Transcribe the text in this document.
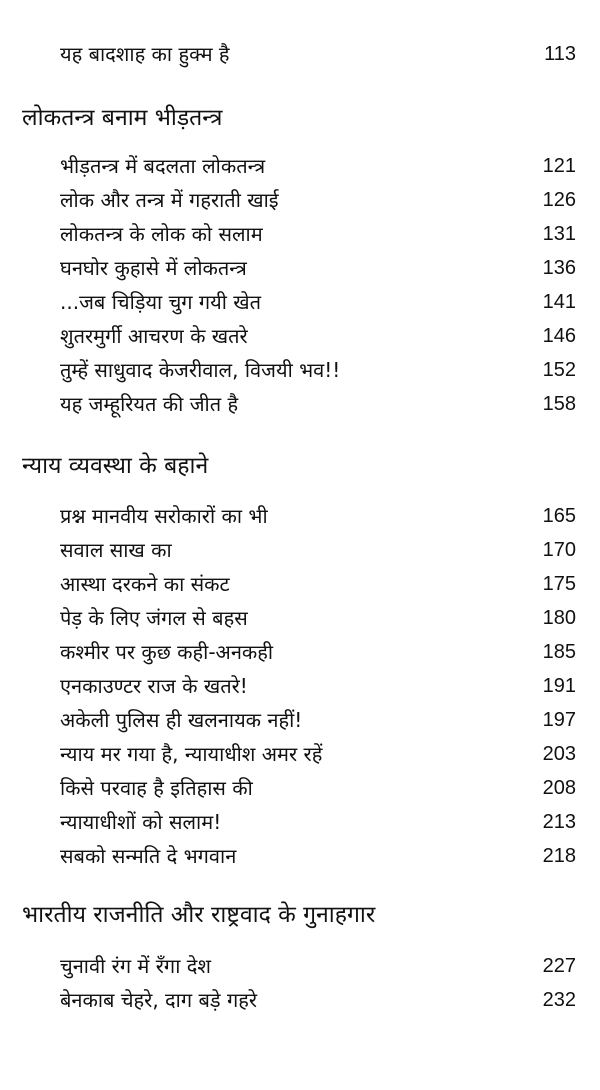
यह बादशाह का हुक्म है	113
लोकतन्त्र बनाम भीड़तन्त्र
भीड़तन्त्र में बदलता लोकतन्त्र	121
लोक और तन्त्र में गहराती खाई	126
लोकतन्त्र के लोक को सलाम	131
घनघोर कुहासे में लोकतन्त्र	136
...जब चिड़िया चुग गयी खेत	141
शुतरमुर्गी आचरण के खतरे	146
तुम्हें साधुवाद केजरीवाल, विजयी भव!!	152
यह जम्हूरियत की जीत है	158
न्याय व्यवस्था के बहाने
प्रश्न मानवीय सरोकारों का भी	165
सवाल साख का	170
आस्था दरकने का संकट	175
पेड़ के लिए जंगल से बहस	180
कश्मीर पर कुछ कही-अनकही	185
एनकाउण्टर राज के खतरे!	191
अकेली पुलिस ही खलनायक नहीं!	197
न्याय मर गया है, न्यायाधीश अमर रहें	203
किसे परवाह है इतिहास की	208
न्यायाधीशों को सलाम!	213
सबको सन्मति दे भगवान	218
भारतीय राजनीति और राष्ट्रवाद के गुनाहगार
चुनावी रंग में रँगा देश	227
बेनकाब चेहरे, दाग बड़े गहरे	232
